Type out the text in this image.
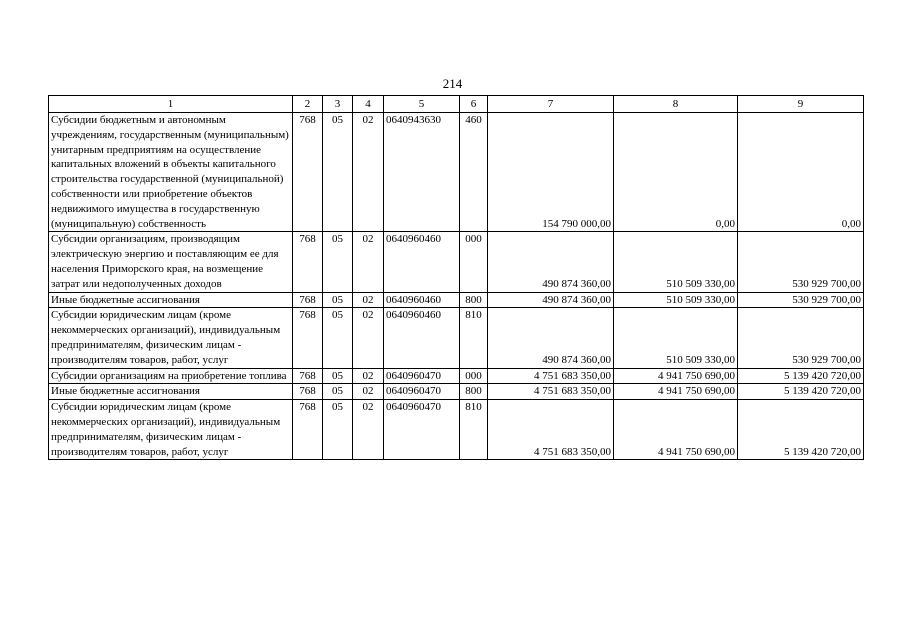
214
1	2	3	4	5	6	7	8	9
Субсидии бюджетным и автономным учреждениям, государственным (муниципальным) унитарным предприятиям на осуществление капитальных вложений в объекты капитального строительства государственной (муниципальной) собственности или приобретение объектов недвижимого имущества в государственную (муниципальную) собственность	768	05	02	0640943630	460	154 790 000,00	0,00	0,00
Субсидии организациям, производящим электрическую энергию и поставляющим ее для населения Приморского края, на возмещение затрат или недополученных доходов	768	05	02	0640960460	000	490 874 360,00	510 509 330,00	530 929 700,00
Иные бюджетные ассигнования	768	05	02	0640960460	800	490 874 360,00	510 509 330,00	530 929 700,00
Субсидии юридическим лицам (кроме некоммерческих организаций), индивидуальным предпринимателям, физическим лицам - производителям товаров, работ, услуг	768	05	02	0640960460	810	490 874 360,00	510 509 330,00	530 929 700,00
Субсидии организациям на приобретение топлива	768	05	02	0640960470	000	4 751 683 350,00	4 941 750 690,00	5 139 420 720,00
Иные бюджетные ассигнования	768	05	02	0640960470	800	4 751 683 350,00	4 941 750 690,00	5 139 420 720,00
Субсидии юридическим лицам (кроме некоммерческих организаций), индивидуальным предпринимателям, физическим лицам - производителям товаров, работ, услуг	768	05	02	0640960470	810	4 751 683 350,00	4 941 750 690,00	5 139 420 720,00
